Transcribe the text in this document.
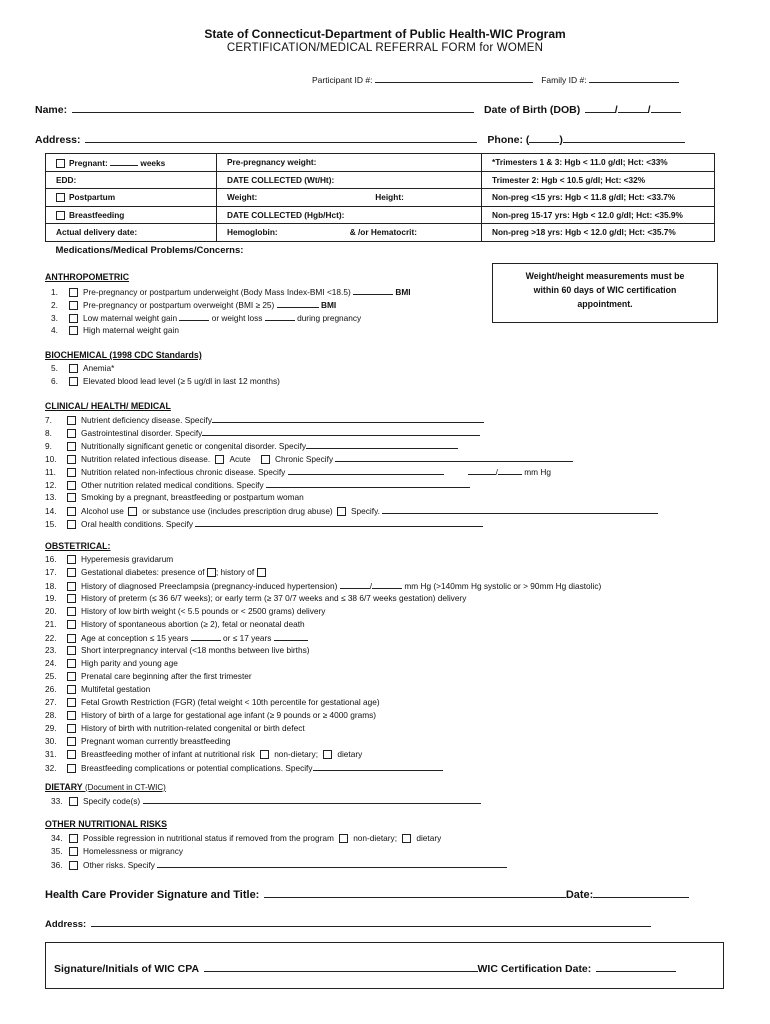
State of Connecticut-Department of Public Health-WIC Program
CERTIFICATION/MEDICAL REFERRAL FORM for WOMEN
Participant ID #:	Family ID #:
Name:	Date of Birth (DOB)	/	/
Address:	Phone: (	)
Pregnant: weeks	Pre-pregnancy weight:	*Trimesters 1 & 3: Hgb < 11.0 g/dl; Hct: <33%
EDD:	DATE COLLECTED (Wt/Ht):	Trimester 2: Hgb < 10.5 g/dl; Hct: <32%
Postpartum	Weight: Height:	Non-preg <15 yrs: Hgb < 11.8 g/dl; Hct: <33.7%
Breastfeeding	DATE COLLECTED (Hgb/Hct):	Non-preg 15-17 yrs: Hgb < 12.0 g/dl; Hct: <35.9%
Actual delivery date:	Hemoglobin: & /or Hematocrit:	Non-preg >18 yrs: Hgb < 12.0 g/dl; Hct: <35.7%
Medications/Medical Problems/Concerns:		
Weight/height measurements must be
within 60 days of WIC certification
appointment.
ANTHROPOMETRIC
1.	Pre-pregnancy or postpartum underweight (Body Mass Index-BMI <18.5)	BMI
2.	Pre-pregnancy or postpartum overweight (BMI ≥ 25)	BMI
3.	Low maternal weight gain	or weight loss	during pregnancy
4.	High maternal weight gain
BIOCHEMICAL (1998 CDC Standards)
5.	Anemia*
6.	Elevated blood lead level (≥ 5 ug/dl in last 12 months)
CLINICAL/ HEALTH/ MEDICAL
7.	Nutrient deficiency disease. Specify
8.	Gastrointestinal disorder. Specify
9.	Nutritionally significant genetic or congenital disorder. Specify
10.	Nutrition related infectious disease. Acute	Chronic Specify
11.	Nutrition related non-infectious chronic disease. Specify	/	mm Hg
12.	Other nutrition related medical conditions. Specify
13.	Smoking by a pregnant, breastfeeding or postpartum woman
14.	Alcohol use or substance use (includes prescription drug abuse) Specify.
15.	Oral health conditions. Specify
OBSTETRICAL:
16.	Hyperemesis gravidarum
17.	Gestational diabetes: presence of ; history of
18.	History of diagnosed Preeclampsia (pregnancy-induced hypertension)	/	mm Hg (>140mm Hg systolic or > 90mm Hg diastolic)
19.	History of preterm (≤ 36 6/7 weeks); or early term (≥ 37 0/7 weeks and ≤ 38 6/7 weeks gestation) delivery
20.	History of low birth weight (< 5.5 pounds or < 2500 grams) delivery
21.	History of spontaneous abortion (≥ 2), fetal or neonatal death
22.	Age at conception ≤ 15 years	or ≤ 17 years
23.	Short interpregnancy interval (<18 months between live births)
24.	High parity and young age
25.	Prenatal care beginning after the first trimester
26.	Multifetal gestation
27.	Fetal Growth Restriction (FGR) (fetal weight < 10th percentile for gestational age)
28.	History of birth of a large for gestational age infant (≥ 9 pounds or ≥ 4000 grams)
29.	History of birth with nutrition-related congenital or birth defect
30.	Pregnant woman currently breastfeeding
31.	Breastfeeding mother of infant at nutritional risk non-dietary; dietary
32.	Breastfeeding complications or potential complications. Specify
DIETARY (Document in CT-WIC)
33. Specify code(s)
OTHER NUTRITIONAL RISKS
34. Possible regression in nutritional status if removed from the program non-dietary; dietary
35. Homelessness or migrancy
36. Other risks. Specify
Health Care Provider Signature and Title:	Date:
Address:
Signature/Initials of WIC CPA	WIC Certification Date:
